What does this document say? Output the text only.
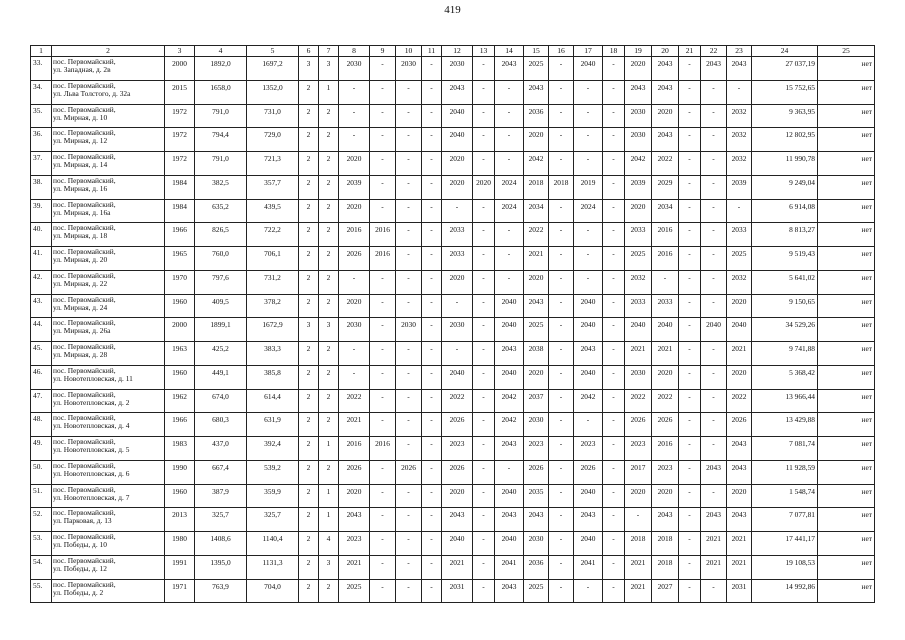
419
1	2	3	4	5	6	7	8	9	10	11	12	13	14	15	16	17	18	19	20	21	22	23	24	25
33.	пос. Первомайский,
ул. Западная, д. 2в	2000	1892,0	1697,2	3	3	2030	-	2030	-	2030	-	2043	2025	-	2040	-	2020	2043	-	2043	2043	27 037,19	нет
34.	пос. Первомайский,
ул. Льва Толстого, д. 32а	2015	1658,0	1352,0	2	1	-	-	-	-	2043	-	-	2043	-	-	-	2043	2043	-	-	-	15 752,65	нет
35.	пос. Первомайский,
ул. Мирная, д. 10	1972	791,0	731,0	2	2	-	-	-	-	2040	-	-	2036	-	-	-	2030	2020	-	-	2032	9 363,95	нет
36.	пос. Первомайский,
ул. Мирная, д. 12	1972	794,4	729,0	2	2	-	-	-	-	2040	-	-	2020	-	-	-	2030	2043	-	-	2032	12 802,95	нет
37.	пос. Первомайский,
ул. Мирная, д. 14	1972	791,0	721,3	2	2	2020	-	-	-	2020	-	-	2042	-	-	-	2042	2022	-	-	2032	11 990,78	нет
38.	пос. Первомайский,
ул. Мирная, д. 16	1984	382,5	357,7	2	2	2039	-	-	-	2020	2020	2024	2018	2018	2019	-	2039	2029	-	-	2039	9 249,04	нет
39.	пос. Первомайский,
ул. Мирная, д. 16а	1984	635,2	439,5	2	2	2020	-	-	-	-	-	2024	2034	-	2024	-	2020	2034	-	-	-	6 914,08	нет
40.	пос. Первомайский,
ул. Мирная, д. 18	1966	826,5	722,2	2	2	2016	2016	-	-	2033	-	-	2022	-	-	-	2033	2016	-	-	2033	8 813,27	нет
41.	пос. Первомайский,
ул. Мирная, д. 20	1965	760,0	706,1	2	2	2026	2016	-	-	2033	-	-	2021	-	-	-	2025	2016	-	-	2025	9 519,43	нет
42.	пос. Первомайский,
ул. Мирная, д. 22	1970	797,6	731,2	2	2	-	-	-	-	2020	-	-	2020	-	-	-	2032	-	-	-	2032	5 641,02	нет
43.	пос. Первомайский,
ул. Мирная, д. 24	1960	409,5	378,2	2	2	2020	-	-	-	-	-	2040	2043	-	2040	-	2033	2033	-	-	2020	9 150,65	нет
44.	пос. Первомайский,
ул. Мирная, д. 26а	2000	1899,1	1672,9	3	3	2030	-	2030	-	2030	-	2040	2025	-	2040	-	2040	2040	-	2040	2040	34 529,26	нет
45.	пос. Первомайский,
ул. Мирная, д. 28	1963	425,2	383,3	2	2	-	-	-	-	-	-	2043	2038	-	2043	-	2021	2021	-	-	2021	9 741,88	нет
46.	пос. Первомайский,
ул. Новотепловская, д. 11	1960	449,1	385,8	2	2	-	-	-	-	2040	-	2040	2020	-	2040	-	2030	2020	-	-	2020	5 368,42	нет
47.	пос. Первомайский,
ул. Новотепловская, д. 2	1962	674,0	614,4	2	2	2022	-	-	-	2022	-	2042	2037	-	2042	-	2022	2022	-	-	2022	13 966,44	нет
48.	пос. Первомайский,
ул. Новотепловская, д. 4	1966	680,3	631,9	2	2	2021	-	-	-	2026	-	2042	2030	-	-	-	2026	2026	-	-	2026	13 429,88	нет
49.	пос. Первомайский,
ул. Новотепловская, д. 5	1983	437,0	392,4	2	1	2016	2016	-	-	2023	-	2043	2023	-	2023	-	2023	2016	-	-	2043	7 081,74	нет
50.	пос. Первомайский,
ул. Новотепловская, д. 6	1990	667,4	539,2	2	2	2026	-	2026	-	2026	-	-	2026	-	2026	-	2017	2023	-	2043	2043	11 928,59	нет
51.	пос. Первомайский,
ул. Новотепловская, д. 7	1960	387,9	359,9	2	1	2020	-	-	-	2020	-	2040	2035	-	2040	-	2020	2020	-	-	2020	1 548,74	нет
52.	пос. Первомайский,
ул. Парковая, д. 13	2013	325,7	325,7	2	1	2043	-	-	-	2043	-	2043	2043	-	2043	-	-	2043	-	2043	2043	7 077,81	нет
53.	пос. Первомайский,
ул. Победы, д. 10	1980	1408,6	1140,4	2	4	2023	-	-	-	2040	-	2040	2030	-	2040	-	2018	2018	-	2021	2021	17 441,17	нет
54.	пос. Первомайский,
ул. Победы, д. 12	1991	1395,0	1131,3	2	3	2021	-	-	-	2021	-	2041	2036	-	2041	-	2021	2018	-	2021	2021	19 108,53	нет
55.	пос. Первомайский,
ул. Победы, д. 2	1971	763,9	704,0	2	2	2025	-	-	-	2031	-	2043	2025	-	-	-	2021	2027	-	-	2031	14 992,86	нет
